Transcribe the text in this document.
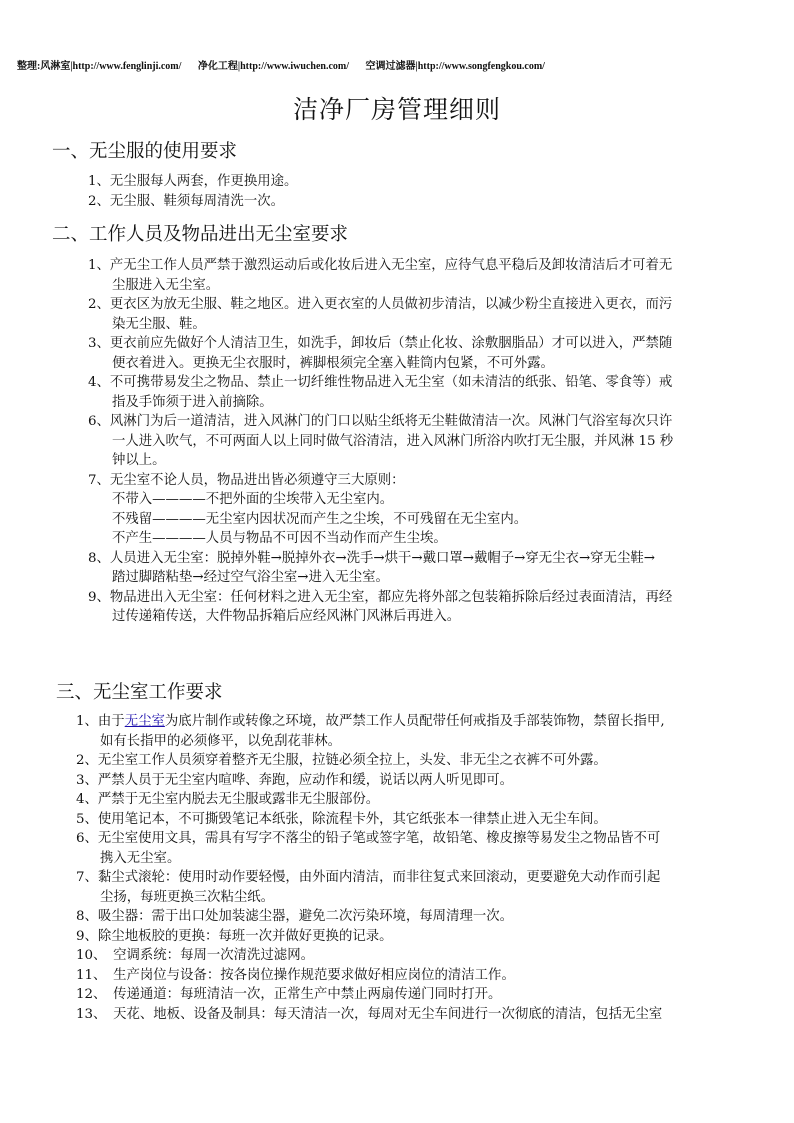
整理:风淋室|http://www.fenglinji.com/ 净化工程|http://www.iwuchen.com/ 空调过滤器|http://www.songfengkou.com/
洁净厂房管理细则
一、无尘服的使用要求
1、无尘服每人两套，作更换用途。
2、无尘服、鞋须每周清洗一次。
二、工作人员及物品进出无尘室要求
1、产无尘工作人员严禁于激烈运动后或化妆后进入无尘室，应待气息平稳后及卸妆清洁后才可着无
尘服进入无尘室。
2、更衣区为放无尘服、鞋之地区。进入更衣室的人员做初步清洁，以减少粉尘直接进入更衣，而污
染无尘服、鞋。
3、更衣前应先做好个人清洁卫生，如洗手，卸妆后（禁止化妆、涂敷胭脂品）才可以进入，严禁随
便衣着进入。更换无尘衣服时，裤脚根须完全塞入鞋筒内包紧，不可外露。
4、不可携带易发尘之物品、禁止一切纤维性物品进入无尘室（如未清洁的纸张、铅笔、零食等）戒
指及手饰须于进入前摘除。
6、风淋门为后一道清洁，进入风淋门的门口以贴尘纸将无尘鞋做清洁一次。风淋门气浴室每次只许
一人进入吹气，不可两面人以上同时做气浴清洁，进入风淋门所浴内吹打无尘服，并风淋 15 秒
钟以上。
7、无尘室不论人员，物品进出皆必须遵守三大原则：
不带入————不把外面的尘埃带入无尘室内。
不残留————无尘室内因状况而产生之尘埃，不可残留在无尘室内。
不产生————人员与物品不可因不当动作而产生尘埃。
8、人员进入无尘室：脱掉外鞋→脱掉外衣→洗手→烘干→戴口罩→戴帽子→穿无尘衣→穿无尘鞋→
踏过脚踏粘垫→经过空气浴尘室→进入无尘室。
9、物品进出入无尘室：任何材料之进入无尘室，都应先将外部之包装箱拆除后经过表面清洁，再经
过传递箱传送，大件物品拆箱后应经风淋门风淋后再进入。
三、无尘室工作要求
1、由于无尘室为底片制作或转像之环境，故严禁工作人员配带任何戒指及手部装饰物，禁留长指甲,
如有长指甲的必须修平，以免刮花菲林。
2、无尘室工作人员须穿着整齐无尘服，拉链必须全拉上，头发、非无尘之衣裤不可外露。
3、严禁人员于无尘室内喧哗、奔跑，应动作和缓，说话以两人听见即可。
4、严禁于无尘室内脱去无尘服或露非无尘服部份。
5、使用笔记本，不可撕毁笔记本纸张，除流程卡外，其它纸张本一律禁止进入无尘车间。
6、无尘室使用文具，需具有写字不落尘的铅子笔或签字笔，故铅笔、橡皮擦等易发尘之物品皆不可
携入无尘室。
7、黏尘式滚轮：使用时动作要轻慢，由外面内清洁，而非往复式来回滚动，更要避免大动作而引起
尘扬，每班更换三次粘尘纸。
8、吸尘器：需于出口处加装滤尘器，避免二次污染环境，每周清理一次。
9、除尘地板胶的更换：每班一次并做好更换的记录。
10、　空调系统：每周一次清洗过滤网。
11、　生产岗位与设备：按各岗位操作规范要求做好相应岗位的清洁工作。
12、　传递通道：每班清洁一次，正常生产中禁止两扇传递门同时打开。
13、　天花、地板、设备及制具：每天清洁一次，每周对无尘车间进行一次彻底的清洁，包括无尘室
